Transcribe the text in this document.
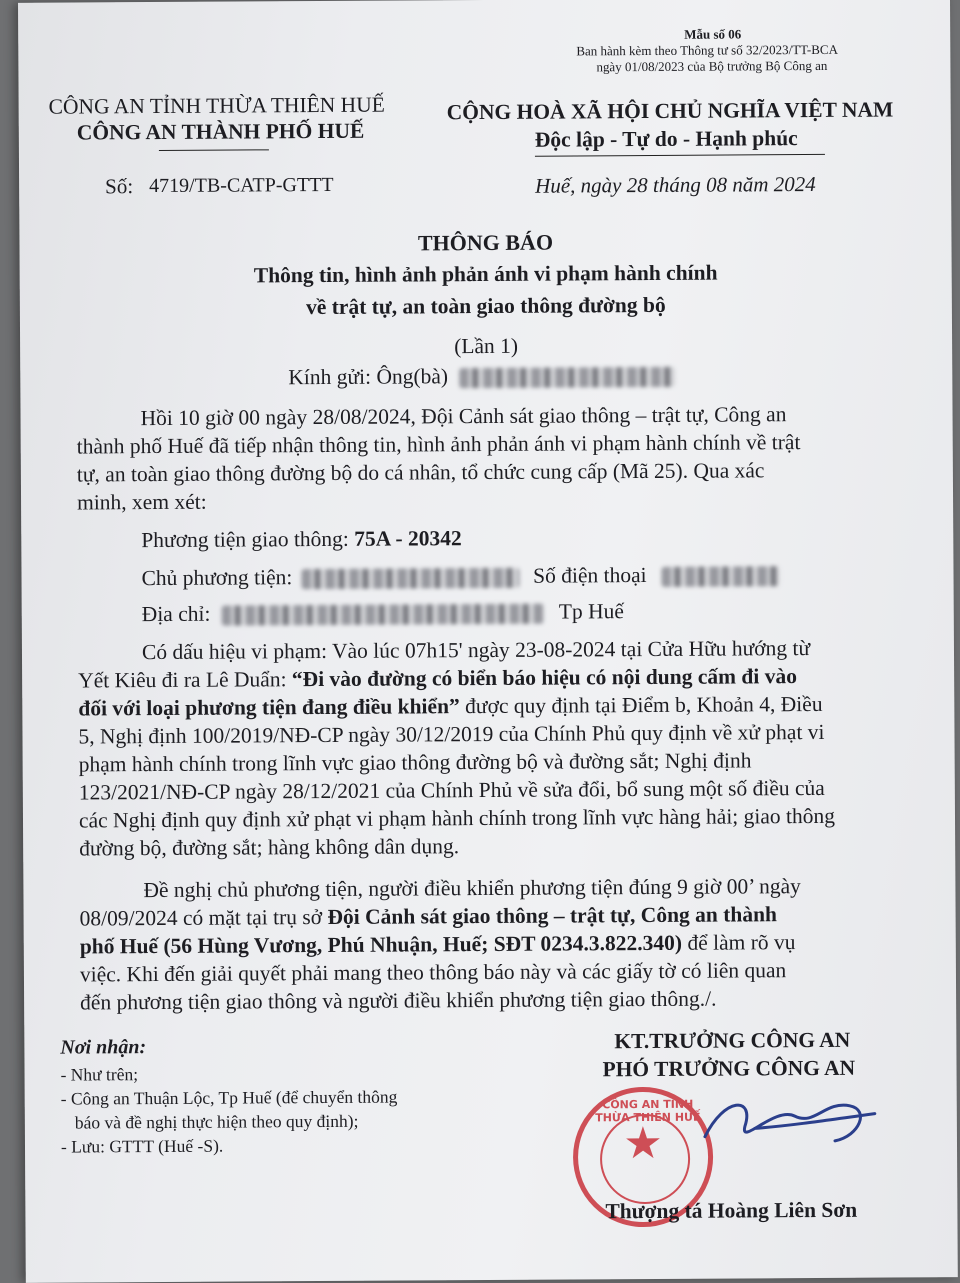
Mẫu số 06
Ban hành kèm theo Thông tư số 32/2023/TT-BCA
ngày 01/08/2023 của Bộ trưởng Bộ Công an
CÔNG AN TỈNH THỪA THIÊN HUẾ
CÔNG AN THÀNH PHỐ HUẾ
Số: 4719/TB-CATP-GTTT
CỘNG HOÀ XÃ HỘI CHỦ NGHĨA VIỆT NAM
Độc lập - Tự do - Hạnh phúc
Huế, ngày 28 tháng 08 năm 2024
THÔNG BÁO
Thông tin, hình ảnh phản ánh vi phạm hành chính
về trật tự, an toàn giao thông đường bộ
(Lần 1)
Kính gửi: Ông(bà)
Hồi 10 giờ 00 ngày 28/08/2024, Đội Cảnh sát giao thông – trật tự, Công an
thành phố Huế đã tiếp nhận thông tin, hình ảnh phản ánh vi phạm hành chính về trật
tự, an toàn giao thông đường bộ do cá nhân, tổ chức cung cấp (Mã 25). Qua xác
minh, xem xét:
Phương tiện giao thông: 75A - 20342
Chủ phương tiện:	Số điện thoại
Địa chỉ:	Tp Huế
Có dấu hiệu vi phạm: Vào lúc 07h15' ngày 23-08-2024 tại Cửa Hữu hướng từ
Yết Kiêu đi ra Lê Duẩn: “Đi vào đường có biển báo hiệu có nội dung cấm đi vào
đối với loại phương tiện đang điều khiển” được quy định tại Điểm b, Khoản 4, Điều
5, Nghị định 100/2019/NĐ-CP ngày 30/12/2019 của Chính Phủ quy định về xử phạt vi
phạm hành chính trong lĩnh vực giao thông đường bộ và đường sắt; Nghị định
123/2021/NĐ-CP ngày 28/12/2021 của Chính Phủ về sửa đổi, bổ sung một số điều của
các Nghị định quy định xử phạt vi phạm hành chính trong lĩnh vực hàng hải; giao thông
đường bộ, đường sắt; hàng không dân dụng.
Đề nghị chủ phương tiện, người điều khiển phương tiện đúng 9 giờ 00’ ngày
08/09/2024 có mặt tại trụ sở Đội Cảnh sát giao thông – trật tự, Công an thành
phố Huế (56 Hùng Vương, Phú Nhuận, Huế; SĐT 0234.3.822.340) để làm rõ vụ
việc. Khi đến giải quyết phải mang theo thông báo này và các giấy tờ có liên quan
đến phương tiện giao thông và người điều khiển phương tiện giao thông./.
Nơi nhận:
- Như trên;
- Công an Thuận Lộc, Tp Huế (để chuyển thông
báo và đề nghị thực hiện theo quy định);
- Lưu: GTTT (Huế -S).
KT.TRƯỞNG CÔNG AN
PHÓ TRƯỞNG CÔNG AN
CÔNG AN TỈNH THỪA THIÊN HUẾ
★
Thượng tá Hoàng Liên Sơn
